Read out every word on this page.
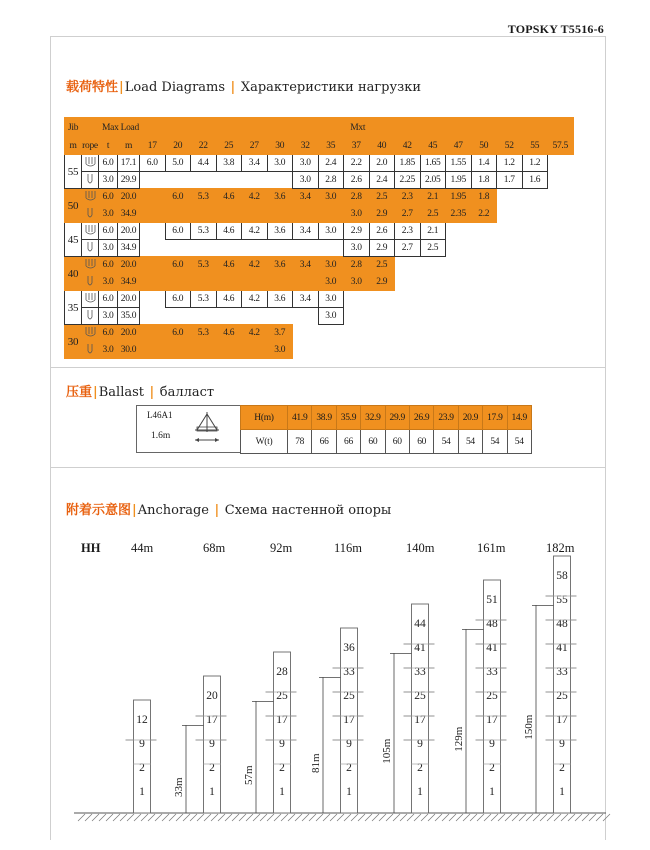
TOPSKY T5516-6
载荷特性|Load Diagrams | Характеристики нагрузки
Jib		Max Load		Mxt																
m	rope	t	m	17	20	22	25	27	30	32	35	37	40	42	45	47	50	52	55	57.5
55		6.0	17.1	6.0	5.0	4.4	3.8	3.4	3.0	3.0	2.4	2.2	2.0	1.85	1.65	1.55	1.4	1.2	1.2	
	3.0	29.9							3.0	2.8	2.6	2.4	2.25	2.05	1.95	1.8	1.7	1.6	
50		6.0	20.0		6.0	5.3	4.6	4.2	3.6	3.4	3.0	2.8	2.5	2.3	2.1	1.95	1.8			
	3.0	34.9									3.0	2.9	2.7	2.5	2.35	2.2			
45		6.0	20.0		6.0	5.3	4.6	4.2	3.6	3.4	3.0	2.9	2.6	2.3	2.1					
	3.0	34.9									3.0	2.9	2.7	2.5					
40		6.0	20.0		6.0	5.3	4.6	4.2	3.6	3.4	3.0	2.8	2.5							
	3.0	34.9								3.0	3.0	2.9							
35		6.0	20.0		6.0	5.3	4.6	4.2	3.6	3.4	3.0									
	3.0	35.0								3.0									
30		6.0	20.0		6.0	5.3	4.6	4.2	3.7											
	3.0	30.0						3.0											
压重|Ballast | балласт
L46A1
1.6m
H(m)	41.9	38.9	35.9	32.9	29.9	26.9	23.9	20.9	17.9	14.9
W(t)	78	66	66	60	60	60	54	54	54	54
附着示意图|Anchorage | Схема настенной опоры
HH 44m	68m	92m	116m	140m	161m	182m
12
9
2
1
20
17
9
2
1
33m
28
25
17
9
2
1
57m
36
33
25
17
9
2
1
81m
44
41
33
25
17
9
2
1
105m
51
48
41
33
25
17
9
2
1
129m
58
55
48
41
33
25
17
9
2
1
150m
